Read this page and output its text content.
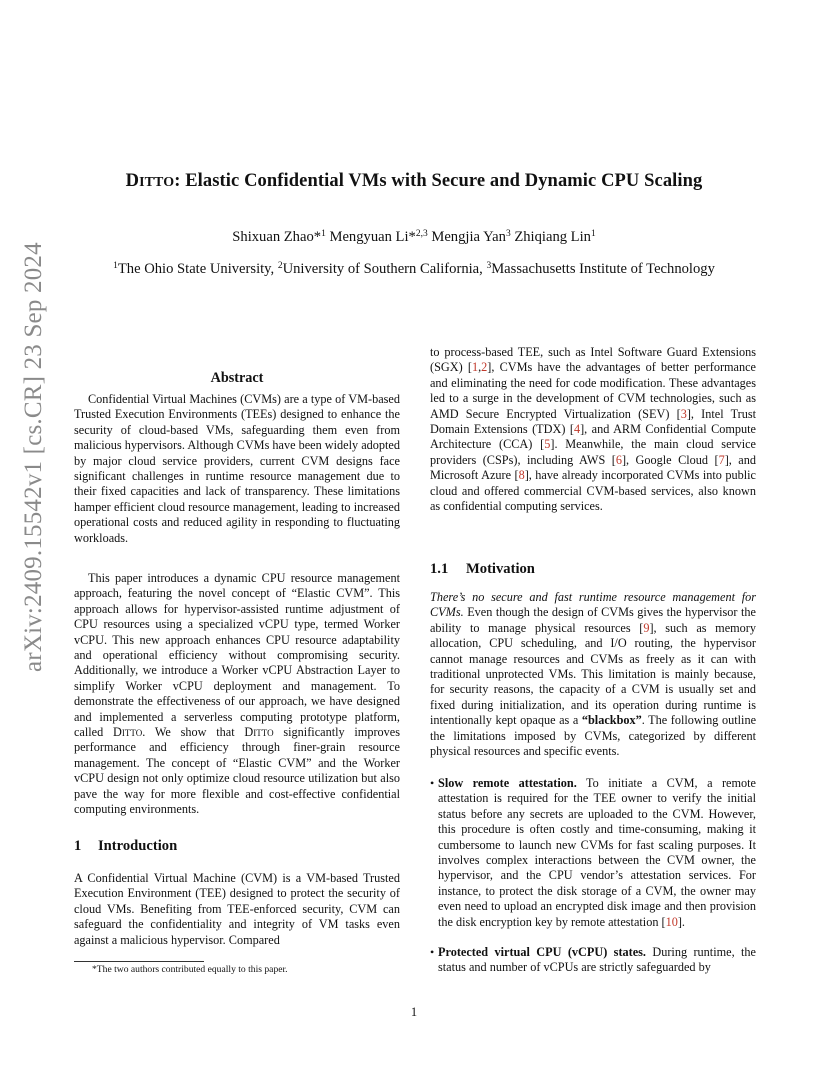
arXiv:2409.15542v1 [cs.CR] 23 Sep 2024
DITTO: Elastic Confidential VMs with Secure and Dynamic CPU Scaling
Shixuan Zhao*$^1$ Mengyuan Li*$^{2,3}$ Mengjia Yan$^3$ Zhiqiang Lin$^1$
$^1$The Ohio State University, $^2$University of Southern California, $^3$Massachusetts Institute of Technology
Abstract
Confidential Virtual Machines (CVMs) are a type of VM-based Trusted Execution Environments (TEEs) designed to enhance the security of cloud-based VMs, safeguarding them even from malicious hypervisors. Although CVMs have been widely adopted by major cloud service providers, current CVM designs face significant challenges in runtime resource management due to their fixed capacities and lack of transparency. These limitations hamper efficient cloud resource management, leading to increased operational costs and reduced agility in responding to fluctuating workloads.
This paper introduces a dynamic CPU resource management approach, featuring the novel concept of “Elastic CVM”. This approach allows for hypervisor-assisted runtime adjustment of CPU resources using a specialized vCPU type, termed Worker vCPU. This new approach enhances CPU resource adaptability and operational efficiency without compromising security. Additionally, we introduce a Worker vCPU Abstraction Layer to simplify Worker vCPU deployment and management. To demonstrate the effectiveness of our approach, we have designed and implemented a serverless computing prototype platform, called Ditto. We show that Ditto significantly improves performance and efficiency through finer-grain resource management. The concept of “Elastic CVM” and the Worker vCPU design not only optimize cloud resource utilization but also pave the way for more flexible and cost-effective confidential computing environments.
1 Introduction
A Confidential Virtual Machine (CVM) is a VM-based Trusted Execution Environment (TEE) designed to protect the security of cloud VMs. Benefiting from TEE-enforced security, CVM can safeguard the confidentiality and integrity of VM tasks even against a malicious hypervisor. Compared
*The two authors contributed equally to this paper.
to process-based TEE, such as Intel Software Guard Extensions (SGX) [1,2], CVMs have the advantages of better performance and eliminating the need for code modification. These advantages led to a surge in the development of CVM technologies, such as AMD Secure Encrypted Virtualization (SEV) [3], Intel Trust Domain Extensions (TDX) [4], and ARM Confidential Compute Architecture (CCA) [5]. Meanwhile, the main cloud service providers (CSPs), including AWS [6], Google Cloud [7], and Microsoft Azure [8], have already incorporated CVMs into public cloud and offered commercial CVM-based services, also known as confidential computing services.
1.1 Motivation
There’s no secure and fast runtime resource management for CVMs. Even though the design of CVMs gives the hypervisor the ability to manage physical resources [9], such as memory allocation, CPU scheduling, and I/O routing, the hypervisor cannot manage resources and CVMs as freely as it can with traditional unprotected VMs. This limitation is mainly because, for security reasons, the capacity of a CVM is usually set and fixed during initialization, and its operation during runtime is intentionally kept opaque as a “blackbox”. The following outline the limitations imposed by CVMs, categorized by different physical resources and specific events.
• Slow remote attestation. To initiate a CVM, a remote attestation is required for the TEE owner to verify the initial status before any secrets are uploaded to the CVM. However, this procedure is often costly and time-consuming, making it cumbersome to launch new CVMs for fast scaling purposes. It involves complex interactions between the CVM owner, the hypervisor, and the CPU vendor’s attestation services. For instance, to protect the disk storage of a CVM, the owner may even need to upload an encrypted disk image and then provision the disk encryption key by remote attestation [10].
• Protected virtual CPU (vCPU) states. During runtime, the status and number of vCPUs are strictly safeguarded by
1
